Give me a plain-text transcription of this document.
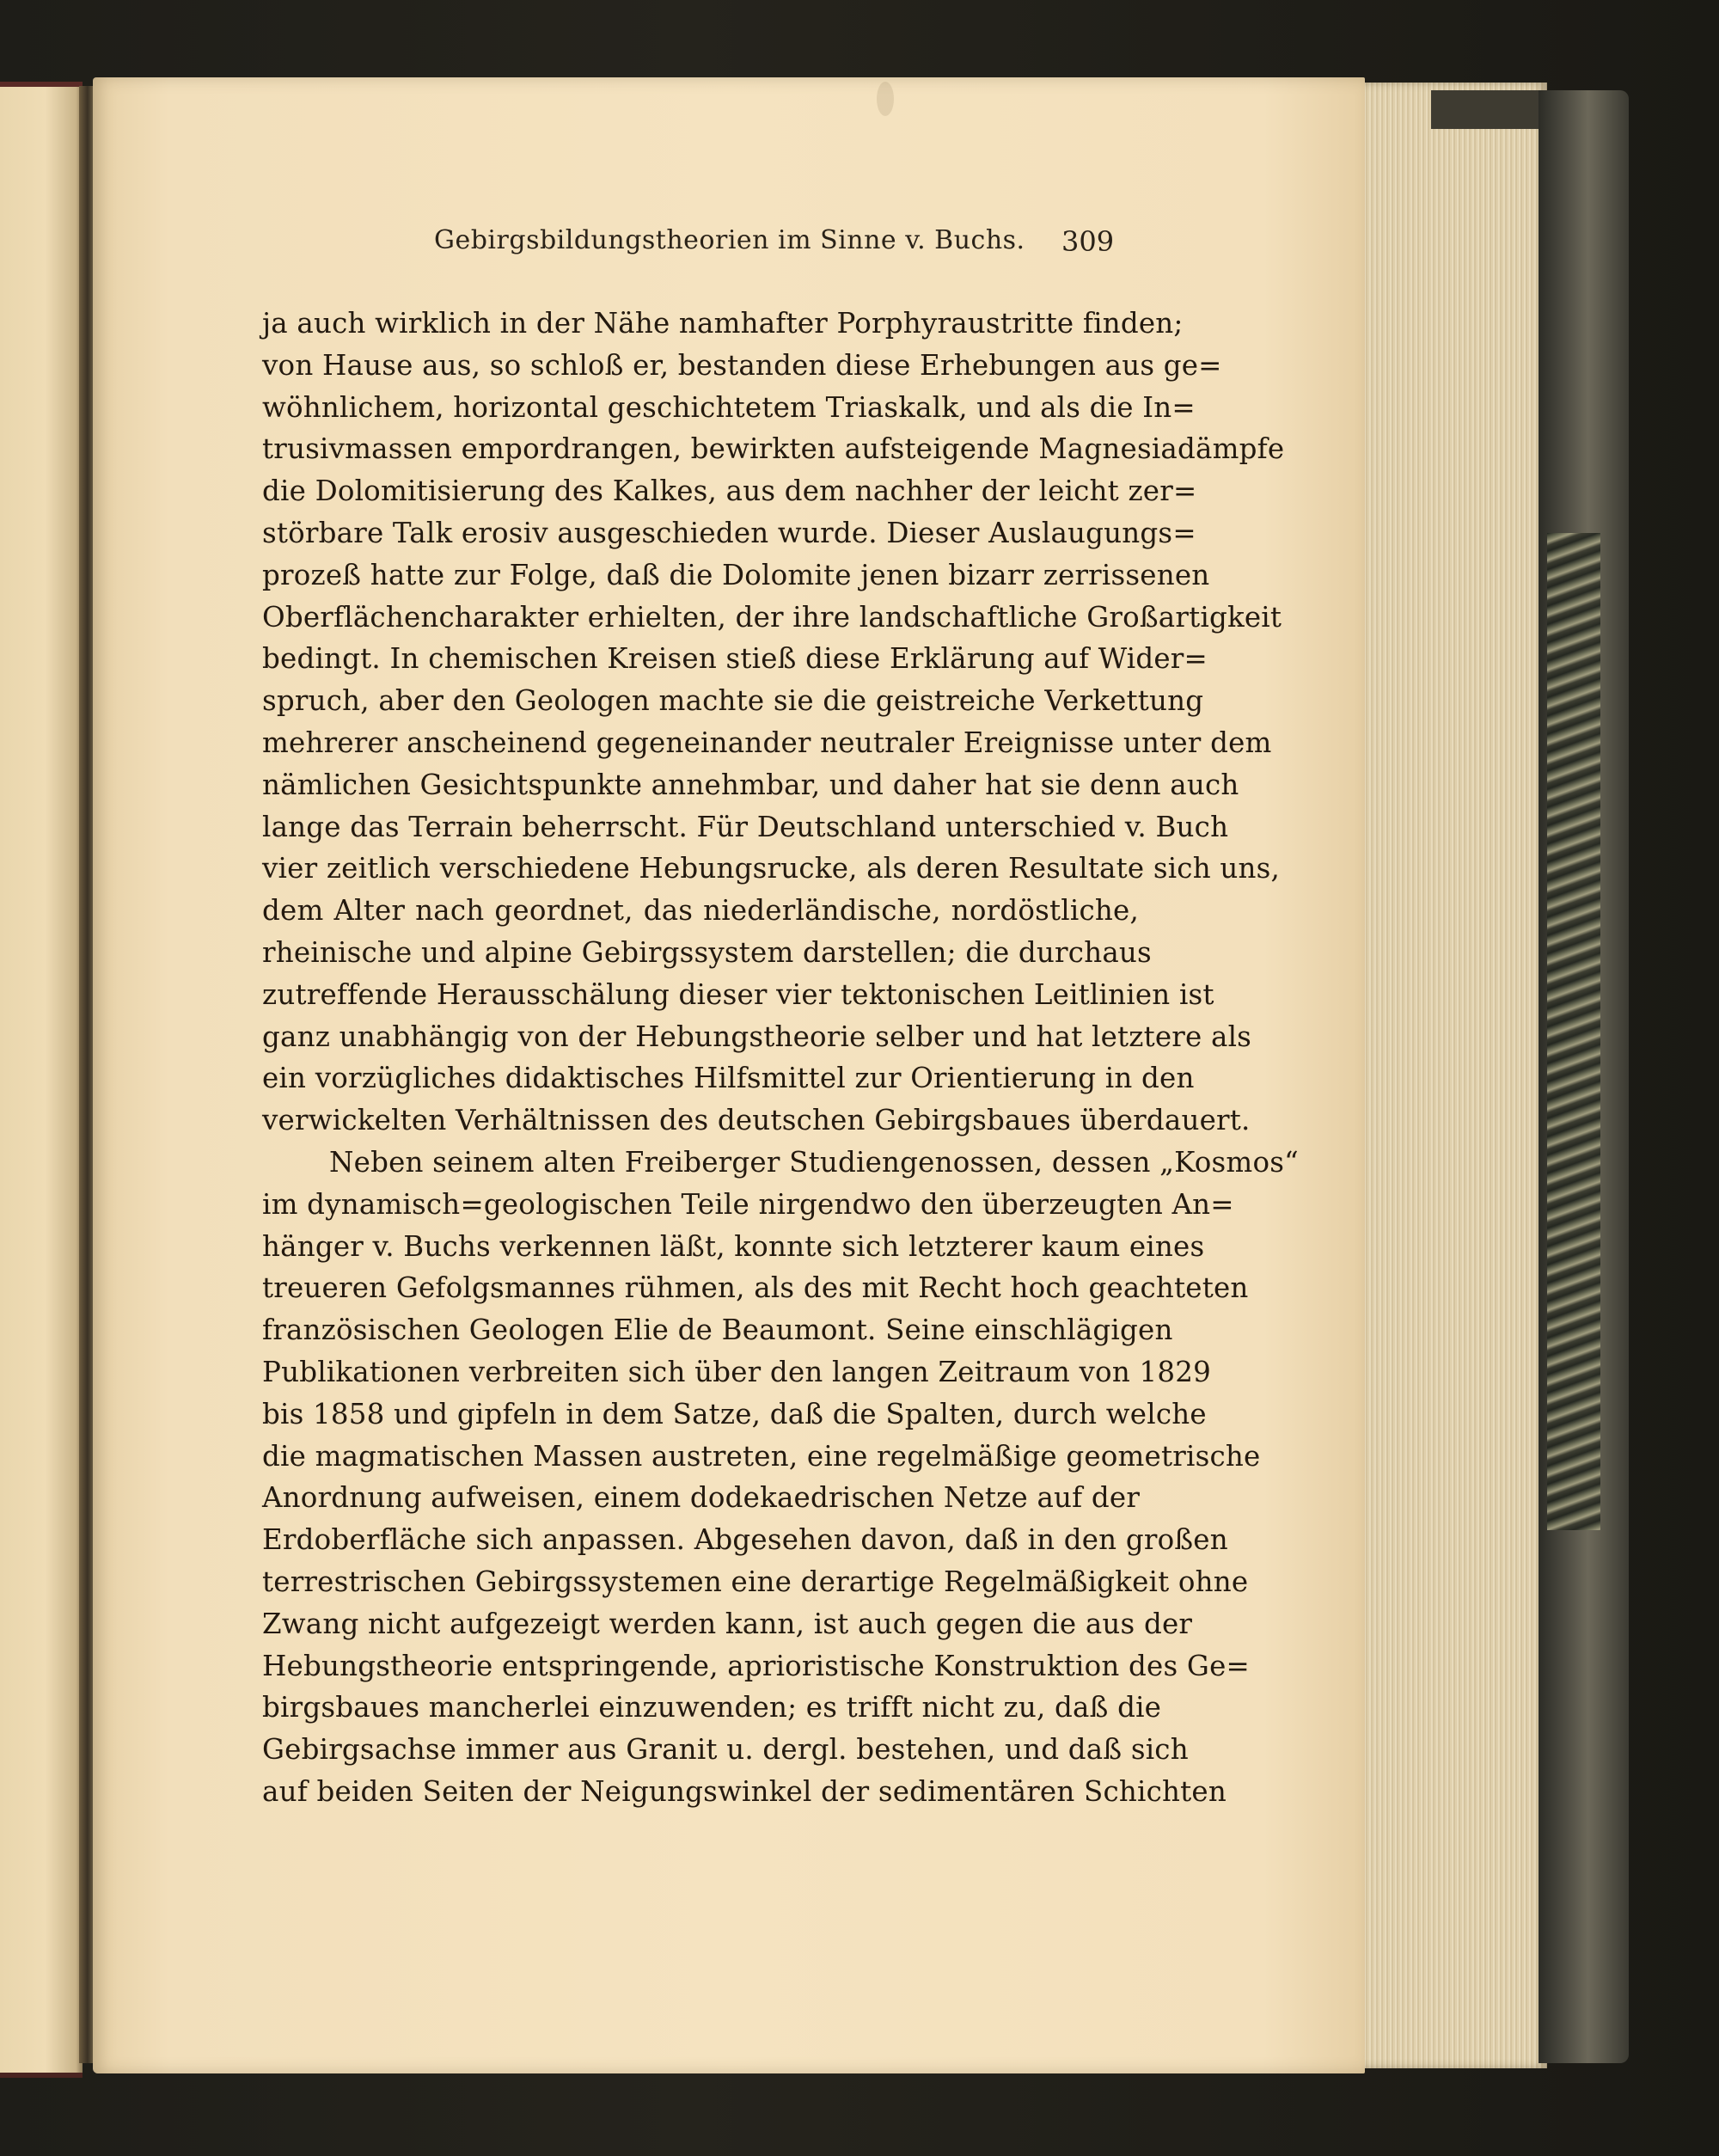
Gebirgsbildungstheorien im Sinne v. Buchs. 309
ja auch wirklich in der Nähe namhafter Porphyraustritte finden;
von Hause aus, so schloß er, bestanden diese Erhebungen aus ge=
wöhnlichem, horizontal geschichtetem Triaskalk, und als die In=
trusivmassen empordrangen, bewirkten aufsteigende Magnesiadämpfe
die Dolomitisierung des Kalkes, aus dem nachher der leicht zer=
störbare Talk erosiv ausgeschieden wurde. Dieser Auslaugungs=
prozeß hatte zur Folge, daß die Dolomite jenen bizarr zerrissenen
Oberflächencharakter erhielten, der ihre landschaftliche Großartigkeit
bedingt. In chemischen Kreisen stieß diese Erklärung auf Wider=
spruch, aber den Geologen machte sie die geistreiche Verkettung
mehrerer anscheinend gegeneinander neutraler Ereignisse unter dem
nämlichen Gesichtspunkte annehmbar, und daher hat sie denn auch
lange das Terrain beherrscht. Für Deutschland unterschied v. Buch
vier zeitlich verschiedene Hebungsrucke, als deren Resultate sich uns,
dem Alter nach geordnet, das niederländische, nordöstliche,
rheinische und alpine Gebirgssystem darstellen; die durchaus
zutreffende Herausschälung dieser vier tektonischen Leitlinien ist
ganz unabhängig von der Hebungstheorie selber und hat letztere als
ein vorzügliches didaktisches Hilfsmittel zur Orientierung in den
verwickelten Verhältnissen des deutschen Gebirgsbaues überdauert.
Neben seinem alten Freiberger Studiengenossen, dessen „Kosmos“
im dynamisch=geologischen Teile nirgendwo den überzeugten An=
hänger v. Buchs verkennen läßt, konnte sich letzterer kaum eines
treueren Gefolgsmannes rühmen, als des mit Recht hoch geachteten
französischen Geologen Elie de Beaumont. Seine einschlägigen
Publikationen verbreiten sich über den langen Zeitraum von 1829
bis 1858 und gipfeln in dem Satze, daß die Spalten, durch welche
die magmatischen Massen austreten, eine regelmäßige geometrische
Anordnung aufweisen, einem dodekaedrischen Netze auf der
Erdoberfläche sich anpassen. Abgesehen davon, daß in den großen
terrestrischen Gebirgssystemen eine derartige Regelmäßigkeit ohne
Zwang nicht aufgezeigt werden kann, ist auch gegen die aus der
Hebungstheorie entspringende, aprioristische Konstruktion des Ge=
birgsbaues mancherlei einzuwenden; es trifft nicht zu, daß die
Gebirgsachse immer aus Granit u. dergl. bestehen, und daß sich
auf beiden Seiten der Neigungswinkel der sedimentären Schichten
